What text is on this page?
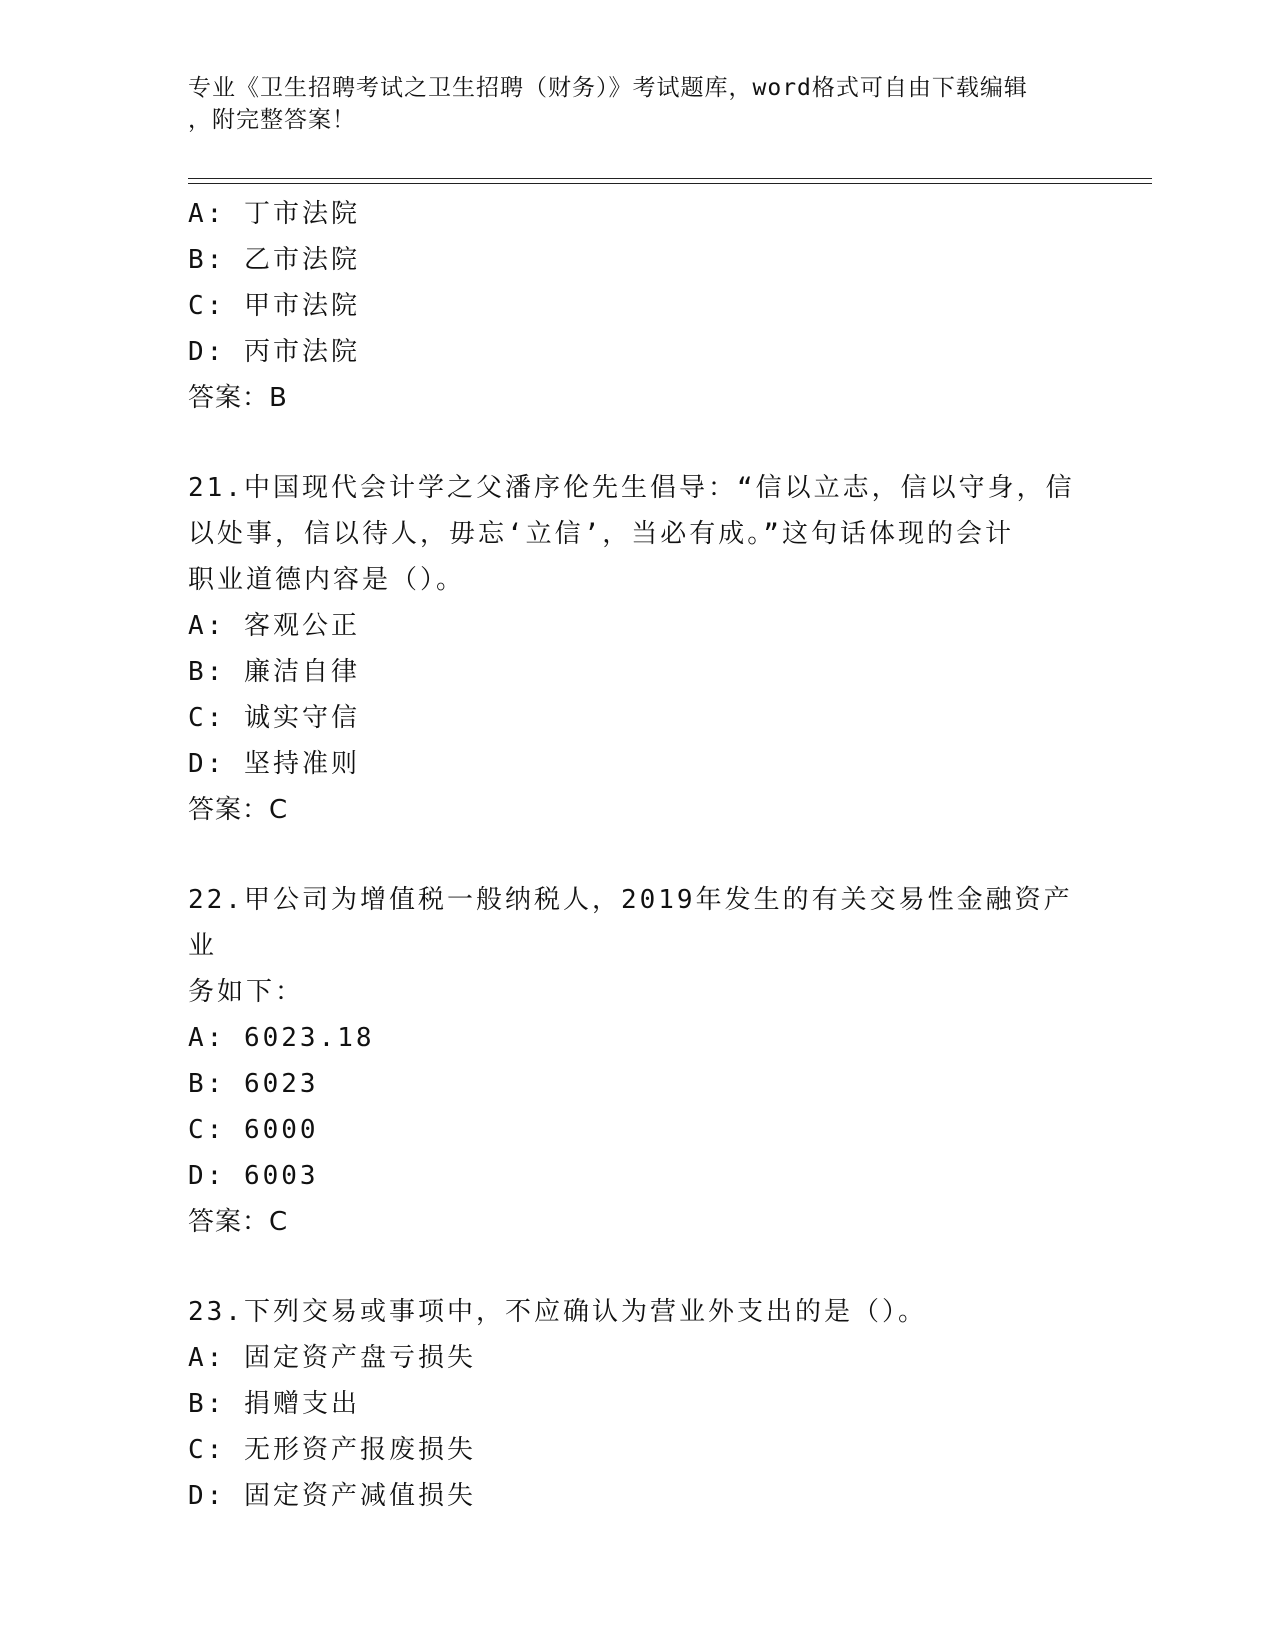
专业《卫生招聘考试之卫生招聘（财务）》考试题库，word格式可自由下载编辑
，附完整答案！
A: 丁市法院
B: 乙市法院
C: 甲市法院
D: 丙市法院
答案：B
21.中国现代会计学之父潘序伦先生倡导：“信以立志，信以守身，信
以处事，信以待人，毋忘‘立信’，当必有成。”这句话体现的会计
职业道德内容是（）。
A: 客观公正
B: 廉洁自律
C: 诚实守信
D: 坚持准则
答案：C
22.甲公司为增值税一般纳税人，2019年发生的有关交易性金融资产业
务如下：
A: 6023.18
B: 6023
C: 6000
D: 6003
答案：C
23.下列交易或事项中，不应确认为营业外支出的是（）。
A: 固定资产盘亏损失
B: 捐赠支出
C: 无形资产报废损失
D: 固定资产减值损失
